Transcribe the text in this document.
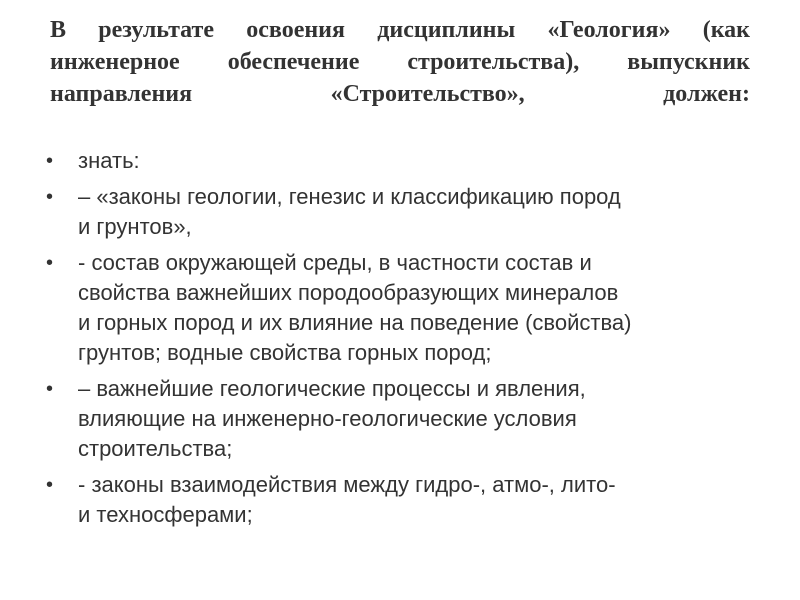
В результате освоения дисциплины «Геология» (как
инженерное обеспечение строительства), выпускник
направления «Строительство», должен:
•	знать:
•	– «законы геологии, генезис и классификацию пород
и грунтов»,
•	- состав окружающей среды, в частности состав и
свойства важнейших породообразующих минералов
и горных пород и их влияние на поведение (свойства)
грунтов; водные свойства горных пород;
•	– важнейшие геологические процессы и явления,
влияющие на инженерно-геологические условия
строительства;
•	- законы взаимодействия между гидро-, атмо-, лито-
и техносферами;
